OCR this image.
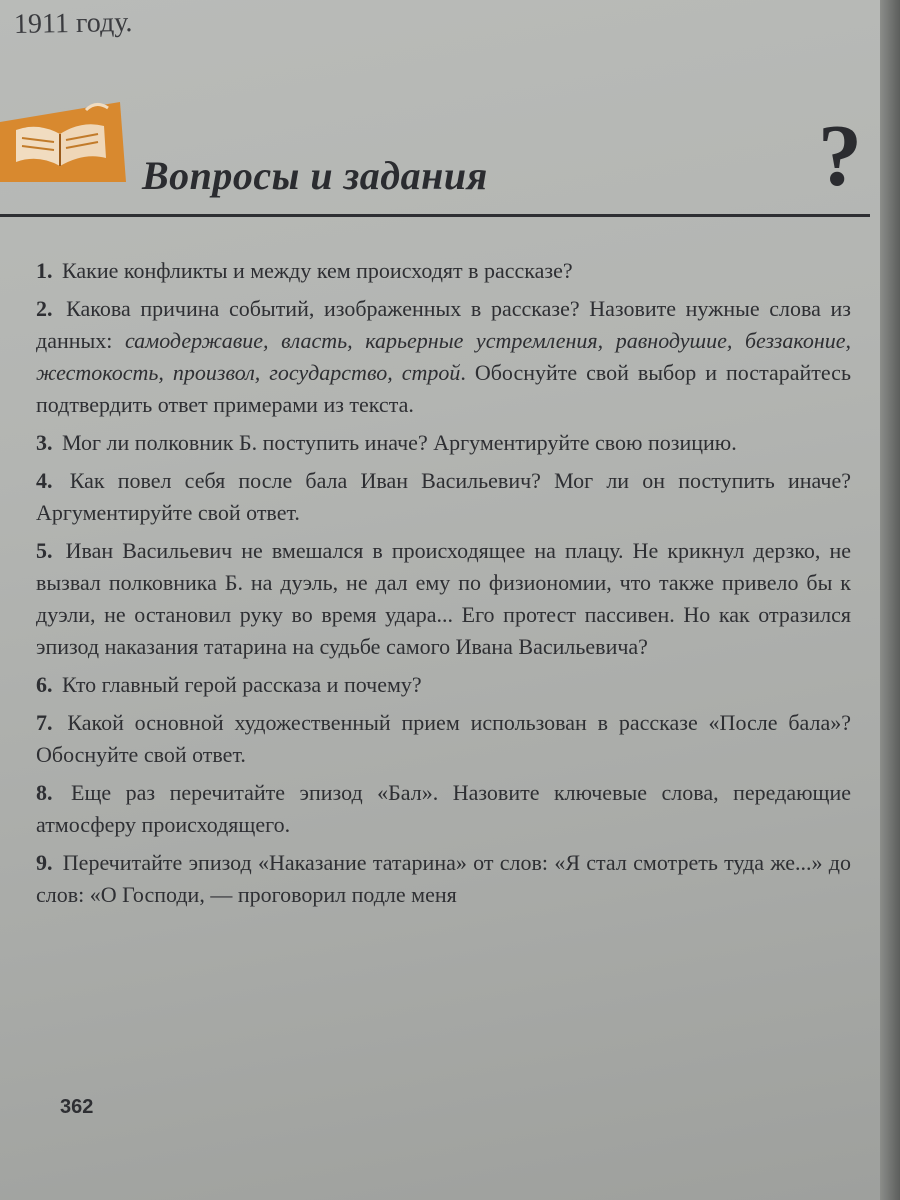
1911 году.
Вопросы и задания	?

1. Какие конфликты и между кем происходят в рассказе?

2. Какова причина событий, изображенных в рассказе? Назовите нужные слова из данных: самодержавие, власть, карьерные устремления, равнодушие, беззаконие, жестокость, произвол, государство, строй. Обоснуйте свой выбор и постарайтесь подтвердить ответ примерами из текста.

3. Мог ли полковник Б. поступить иначе? Аргументируйте свою позицию.

4. Как повел себя после бала Иван Васильевич? Мог ли он поступить иначе? Аргументируйте свой ответ.

5. Иван Васильевич не вмешался в происходящее на плацу. Не крикнул дерзко, не вызвал полковника Б. на дуэль, не дал ему по физиономии, что также привело бы к дуэли, не остановил руку во время удара... Его протест пассивен. Но как отразился эпизод наказания татарина на судьбе самого Ивана Васильевича?

6. Кто главный герой рассказа и почему?

7. Какой основной художественный прием использован в рассказе «После бала»? Обоснуйте свой ответ.

8. Еще раз перечитайте эпизод «Бал». Назовите ключевые слова, передающие атмосферу происходящего.

9. Перечитайте эпизод «Наказание татарина» от слов: «Я стал смотреть туда же...» до слов: «О Господи, — проговорил подле меня

362
